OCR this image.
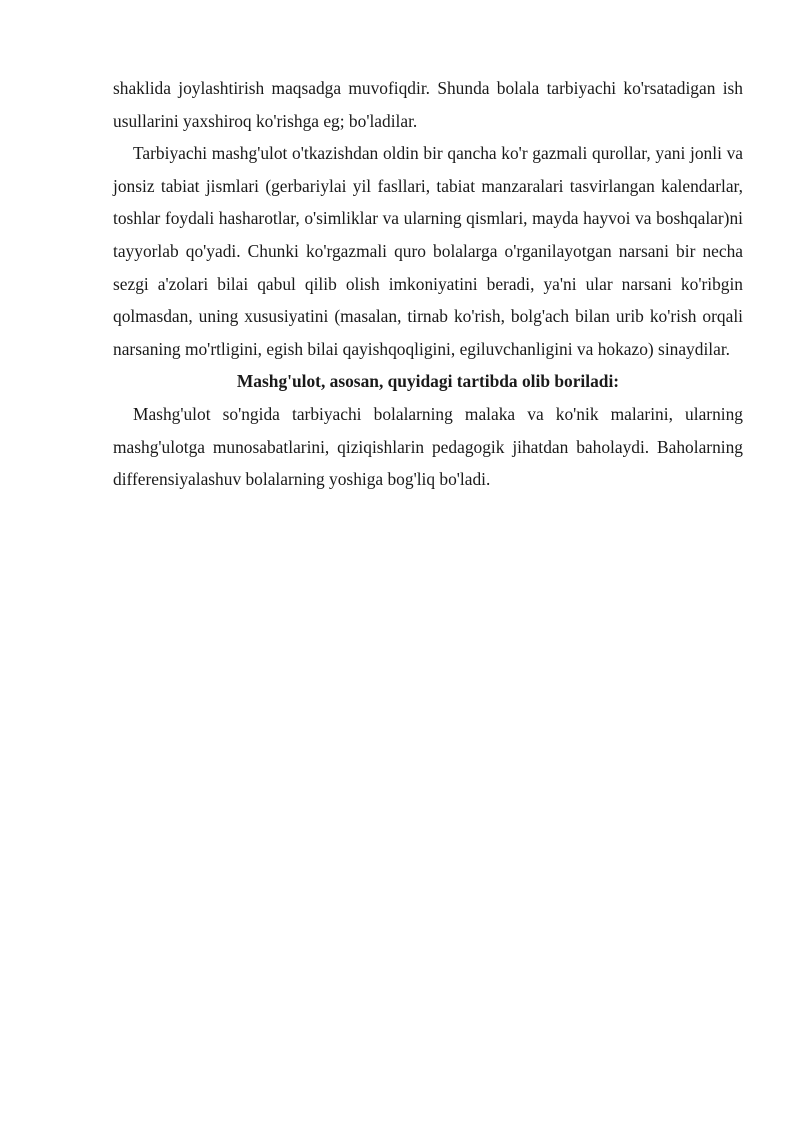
shaklida joylashtirish maqsadga muvofiqdir. Shunda bolala tarbiyachi ko'rsatadigan ish usullarini yaxshiroq ko'rishga eg; bo'ladilar.

Tarbiyachi mashg'ulot o'tkazishdan oldin bir qancha ko'r gazmali qurollar, yani jonli va jonsiz tabiat jismlari (gerbariylai yil fasllari, tabiat manzaralari tasvirlangan kalendarlar, toshlar foydali hasharotlar, o'simliklar va ularning qismlari, mayda hayvoi va boshqalar)ni tayyorlab qo'yadi. Chunki ko'rgazmali quro bolalarga o'rganilayotgan narsani bir necha sezgi a'zolari bilai qabul qilib olish imkoniyatini beradi, ya'ni ular narsani ko'ribgin qolmasdan, uning xususiyatini (masalan, tirnab ko'rish, bolg'ach bilan urib ko'rish orqali narsaning mo'rtligini, egish bilai qayishqoqligini, egiluvchanligini va hokazo) sinaydilar.

Mashg'ulot, asosan, quyidagi tartibda olib boriladi:

Mashg'ulot so'ngida tarbiyachi bolalarning malaka va ko'nik malarini, ularning mashg'ulotga munosabatlarini, qiziqishlarin pedagogik jihatdan baholaydi. Baholarning differensiyalashuv bolalarning yoshiga bog'liq bo'ladi.
